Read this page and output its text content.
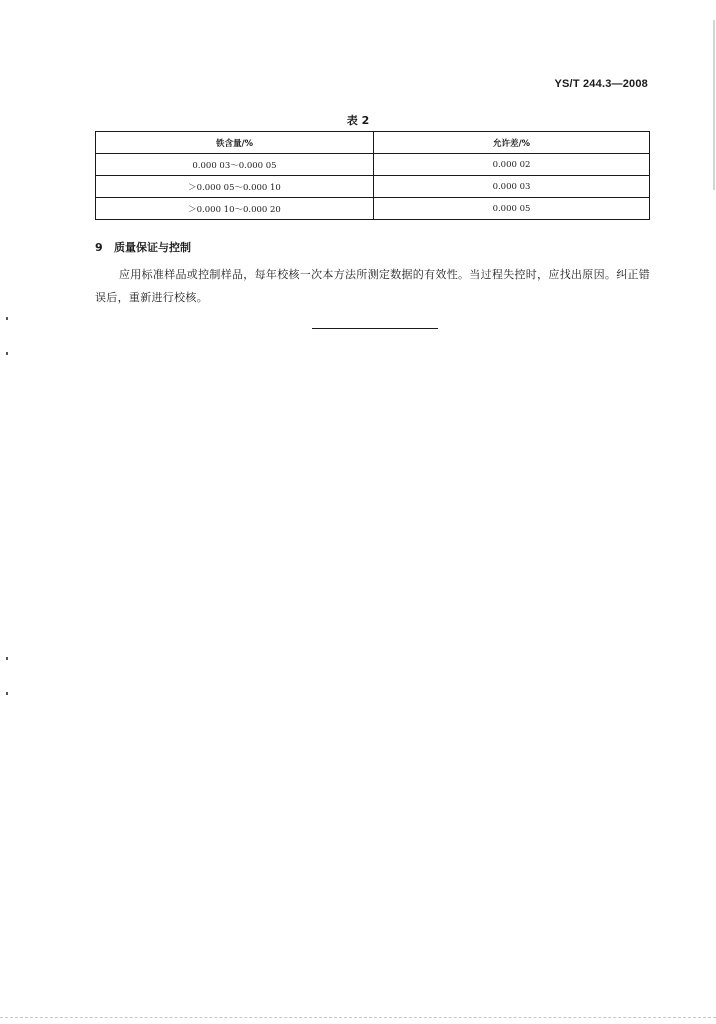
YS/T 244.3—2008
表 2
铁含量/%	允许差/%
0.000 03～0.000 05	0.000 02
＞0.000 05～0.000 10	0.000 03
＞0.000 10～0.000 20	0.000 05
9 质量保证与控制

应用标准样品或控制样品，每年校核一次本方法所测定数据的有效性。当过程失控时，应找出原因。纠正错误后，重新进行校核。
